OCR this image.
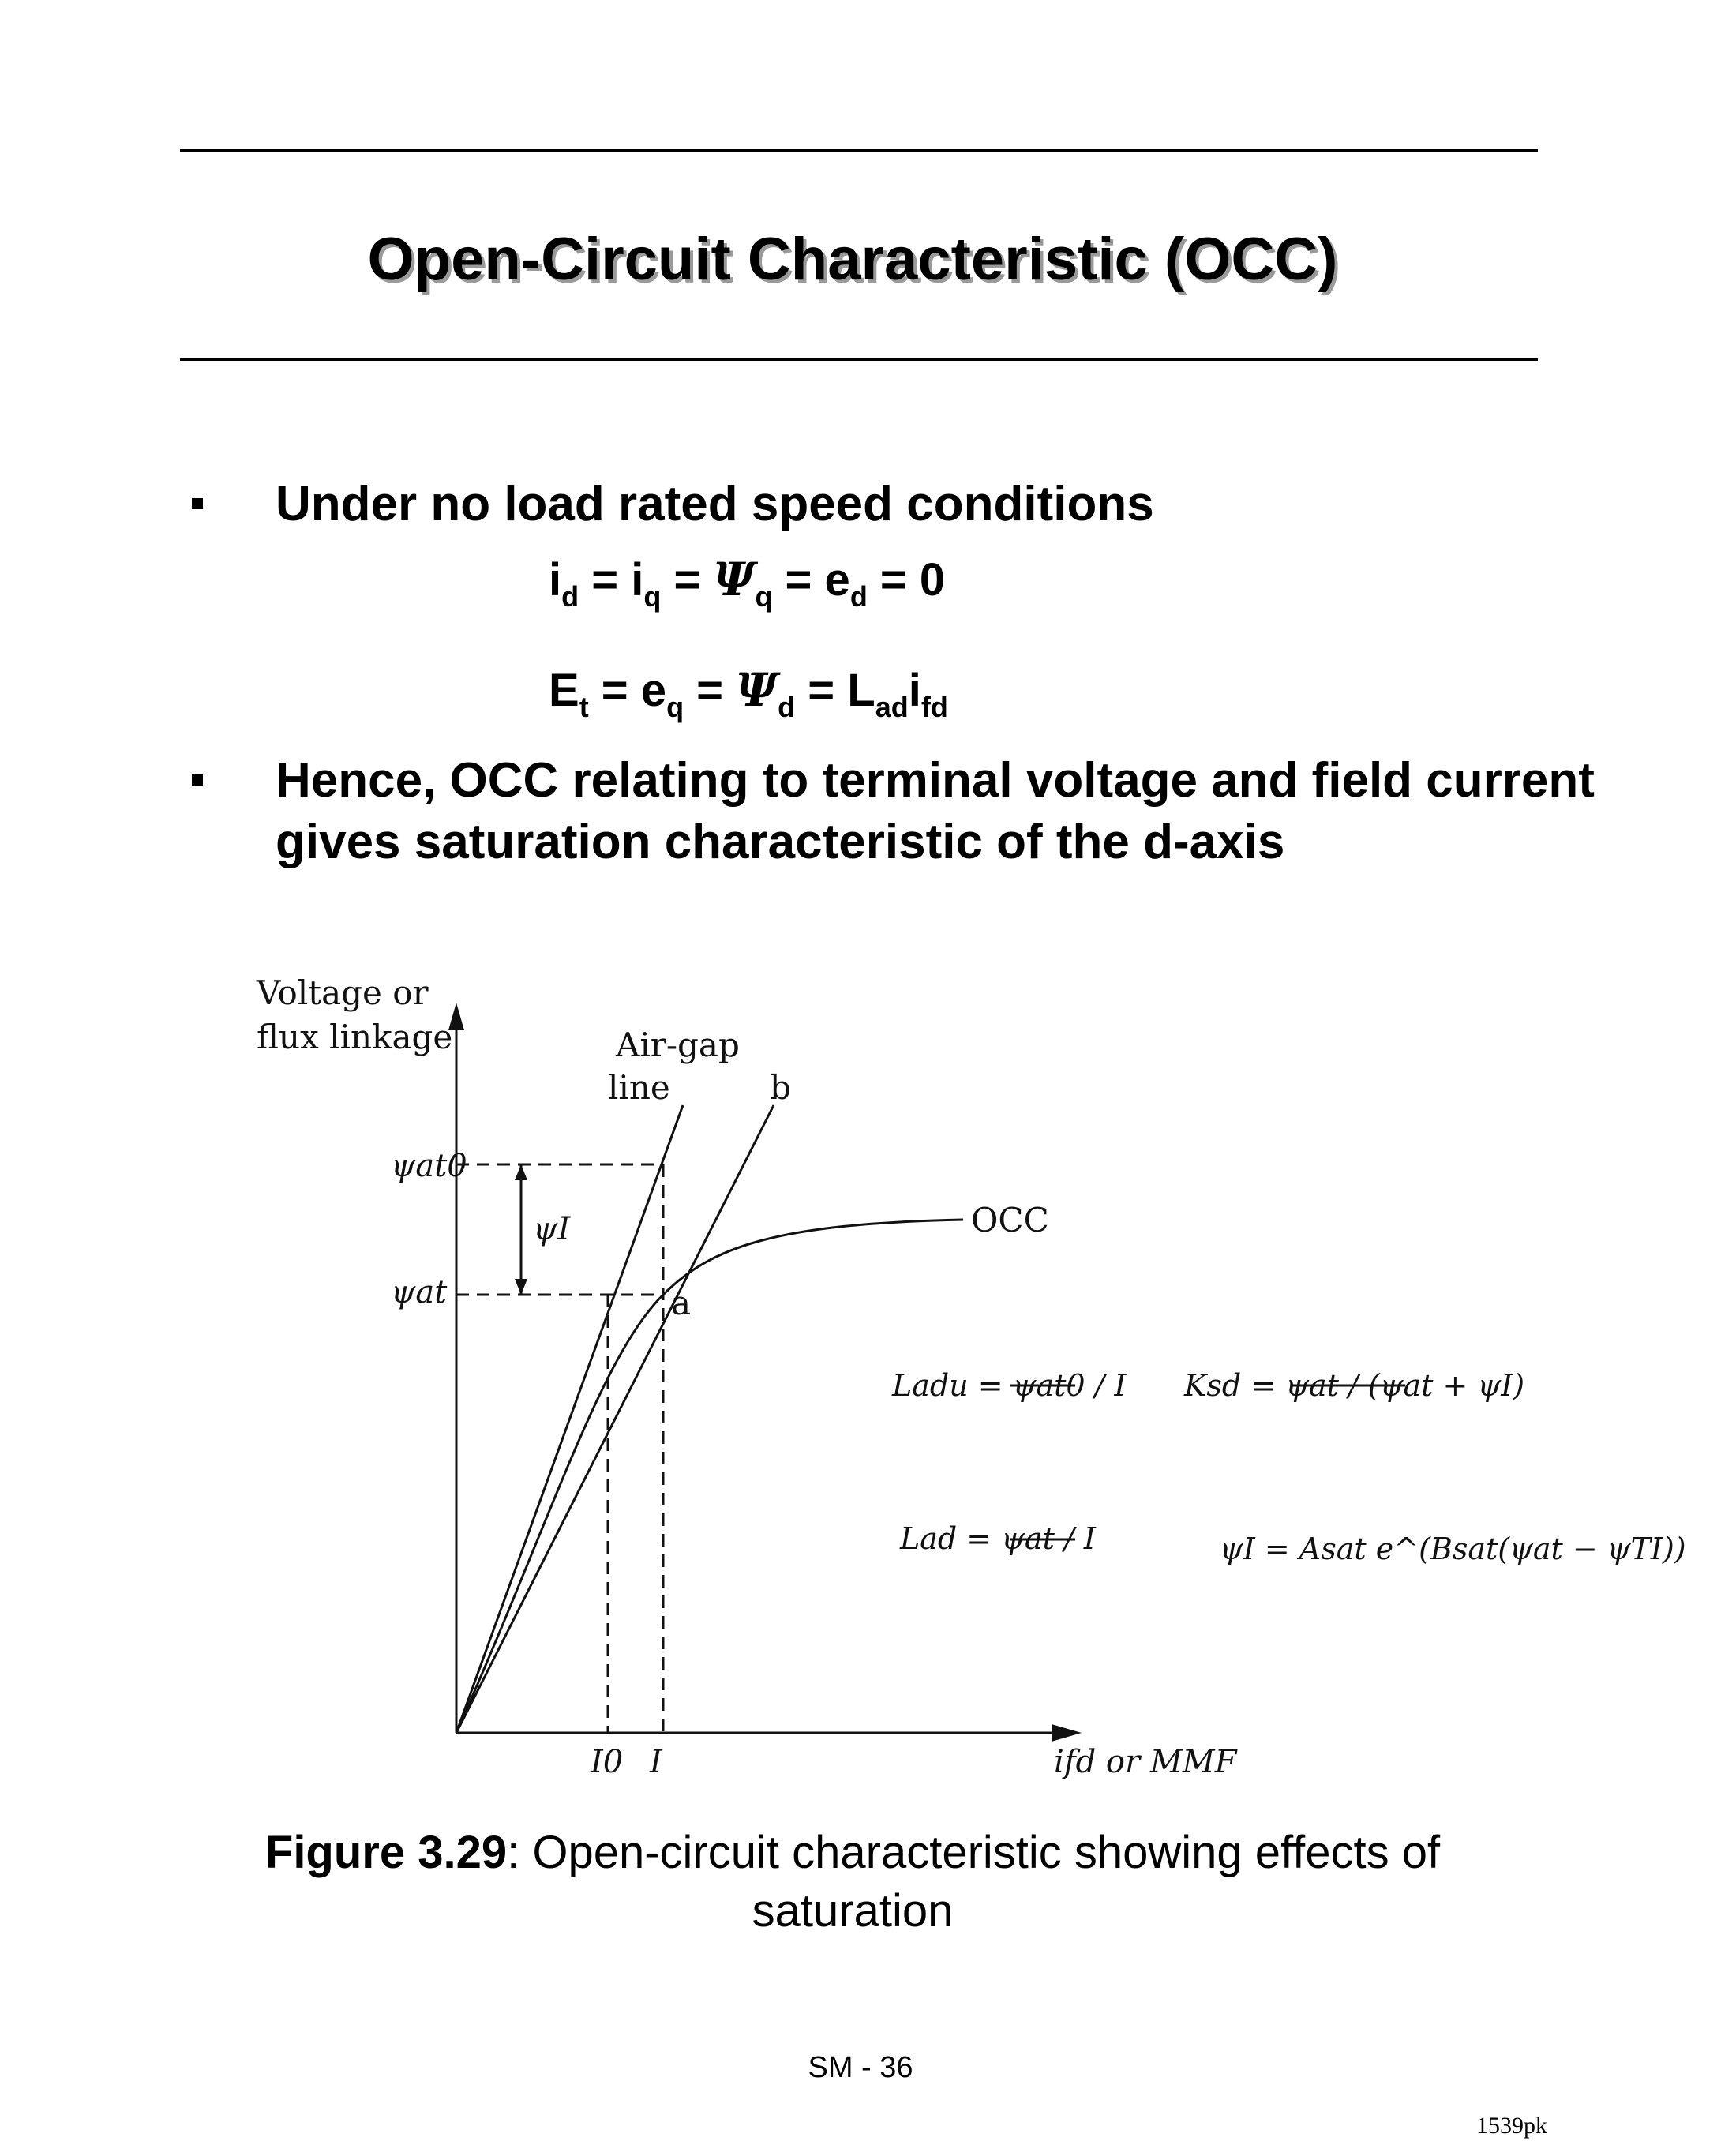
Open-Circuit Characteristic (OCC)
Under no load rated speed conditions
$i_d = i_q = \Psi_q = e_d = 0$
$E_t = e_q = \Psi_d = L_{ad}i_{fd}$
Hence, OCC relating to terminal voltage and field current gives saturation characteristic of the d-axis
Voltage or
flux linkage	Air-gap
line	b
OCC
a
ψat0
ψI
ψat
I0 I	ifd or MMF
Ladu = ψat0 / I
Lad = ψat / I
Ksd = ψat / (ψat + ψI)
ψI = Asat e^(Bsat(ψat − ψTI))
Figure 3.29: Open-circuit characteristic showing effects of saturation
SM - 36
1539pk
